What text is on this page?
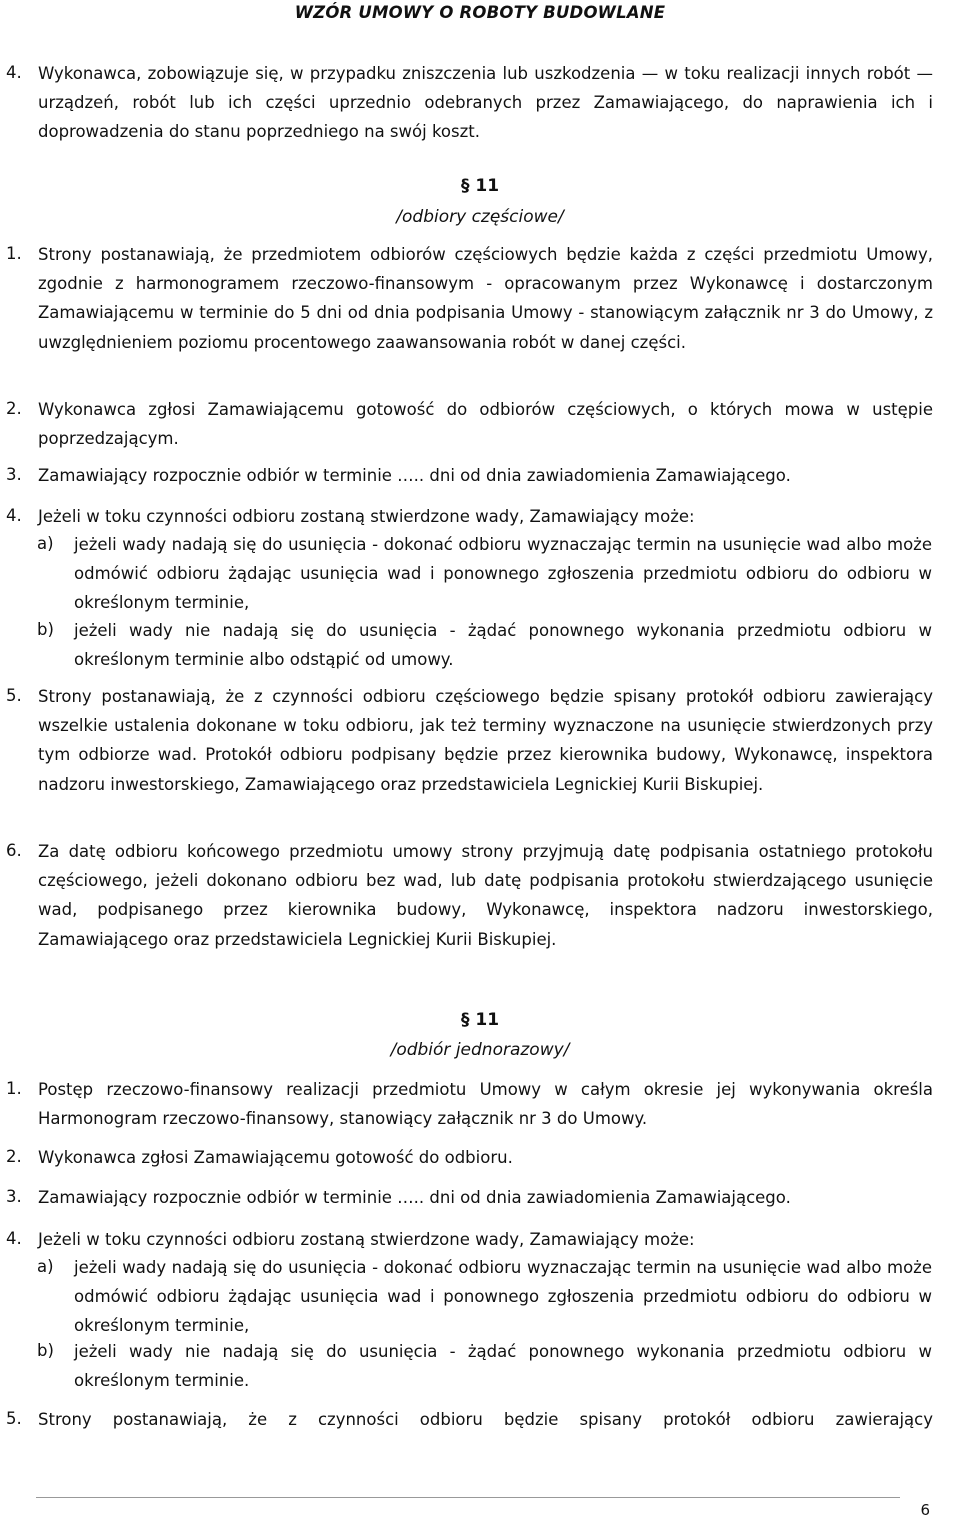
WZÓR UMOWY O ROBOTY BUDOWLANE
4. Wykonawca, zobowiązuje się, w przypadku zniszczenia lub uszkodzenia — w toku realizacji innych robót — urządzeń, robót lub ich części uprzednio odebranych przez Zamawiającego, do naprawienia ich i doprowadzenia do stanu poprzedniego na swój koszt.
§ 11
/odbiory częściowe/
1. Strony postanawiają, że przedmiotem odbiorów częściowych będzie każda z części przedmiotu Umowy, zgodnie z harmonogramem rzeczowo-finansowym - opracowanym przez Wykonawcę i dostarczonym Zamawiającemu w terminie do 5 dni od dnia podpisania Umowy - stanowiącym załącznik nr 3 do Umowy, z uwzględnieniem poziomu procentowego zaawansowania robót w danej części.
2. Wykonawca zgłosi Zamawiającemu gotowość do odbiorów częściowych, o których mowa w ustępie poprzedzającym.
3. Zamawiający rozpocznie odbiór w terminie ….. dni od dnia zawiadomienia Zamawiającego.
4. Jeżeli w toku czynności odbioru zostaną stwierdzone wady, Zamawiający może:
a) jeżeli wady nadają się do usunięcia - dokonać odbioru wyznaczając termin na usunięcie wad albo może odmówić odbioru żądając usunięcia wad i ponownego zgłoszenia przedmiotu odbioru do odbioru w określonym terminie,
b) jeżeli wady nie nadają się do usunięcia - żądać ponownego wykonania przedmiotu odbioru w określonym terminie albo odstąpić od umowy.
5. Strony postanawiają, że z czynności odbioru częściowego będzie spisany protokół odbioru zawierający wszelkie ustalenia dokonane w toku odbioru, jak też terminy wyznaczone na usunięcie stwierdzonych przy tym odbiorze wad. Protokół odbioru podpisany będzie przez kierownika budowy, Wykonawcę, inspektora nadzoru inwestorskiego, Zamawiającego oraz przedstawiciela Legnickiej Kurii Biskupiej.
6. Za datę odbioru końcowego przedmiotu umowy strony przyjmują datę podpisania ostatniego protokołu częściowego, jeżeli dokonano odbioru bez wad, lub datę podpisania protokołu stwierdzającego usunięcie wad, podpisanego przez kierownika budowy, Wykonawcę, inspektora nadzoru inwestorskiego, Zamawiającego oraz przedstawiciela Legnickiej Kurii Biskupiej.
§ 11
/odbiór jednorazowy/
1. Postęp rzeczowo-finansowy realizacji przedmiotu Umowy w całym okresie jej wykonywania określa Harmonogram rzeczowo-finansowy, stanowiący załącznik nr 3 do Umowy.
2. Wykonawca zgłosi Zamawiającemu gotowość do odbioru.
3. Zamawiający rozpocznie odbiór w terminie ….. dni od dnia zawiadomienia Zamawiającego.
4. Jeżeli w toku czynności odbioru zostaną stwierdzone wady, Zamawiający może:
a) jeżeli wady nadają się do usunięcia - dokonać odbioru wyznaczając termin na usunięcie wad albo może odmówić odbioru żądając usunięcia wad i ponownego zgłoszenia przedmiotu odbioru do odbioru w określonym terminie,
b) jeżeli wady nie nadają się do usunięcia - żądać ponownego wykonania przedmiotu odbioru w określonym terminie.
5. Strony postanawiają, że z czynności odbioru będzie spisany protokół odbioru zawierający
6
